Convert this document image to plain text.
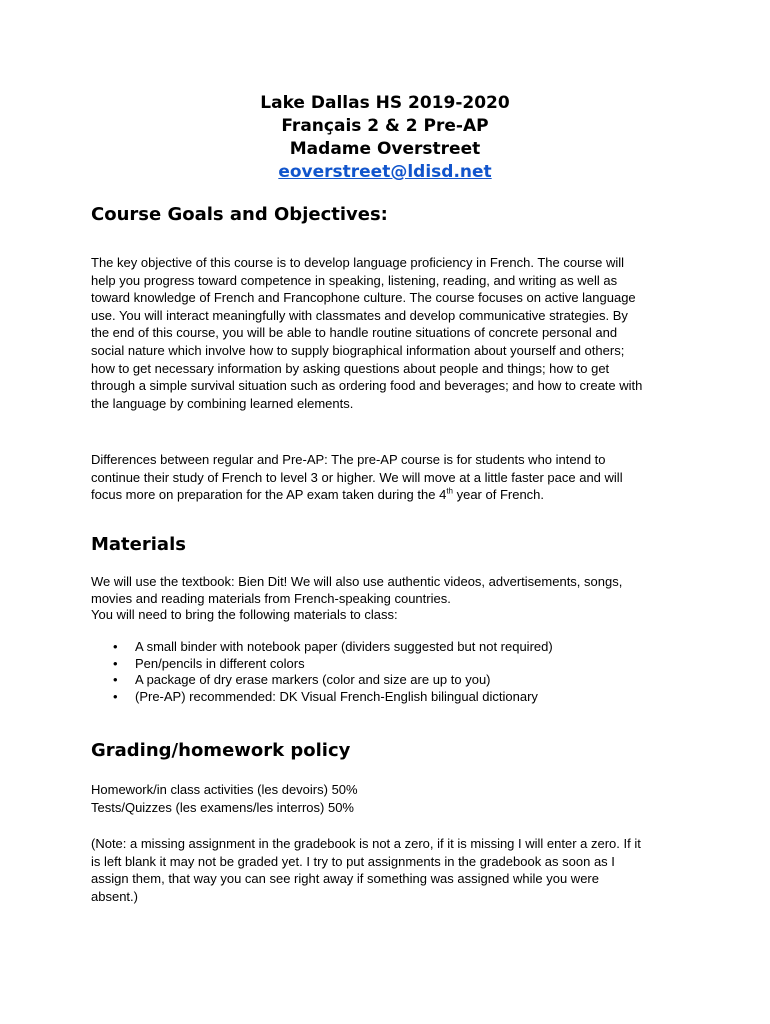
Lake Dallas HS 2019-2020
Français 2 & 2 Pre-AP
Madame Overstreet
eoverstreet@ldisd.net
Course Goals and Objectives:

The key objective of this course is to develop language proficiency in French. The course will
help you progress toward competence in speaking, listening, reading, and writing as well as
toward knowledge of French and Francophone culture. The course focuses on active language
use. You will interact meaningfully with classmates and develop communicative strategies. By
the end of this course, you will be able to handle routine situations of concrete personal and
social nature which involve how to supply biographical information about yourself and others;
how to get necessary information by asking questions about people and things; how to get
through a simple survival situation such as ordering food and beverages; and how to create with
the language by combining learned elements.

Differences between regular and Pre-AP: The pre-AP course is for students who intend to
continue their study of French to level 3 or higher. We will move at a little faster pace and will
focus more on preparation for the AP exam taken during the 4th year of French.

Materials

We will use the textbook: Bien Dit! We will also use authentic videos, advertisements, songs,
movies and reading materials from French-speaking countries.
You will need to bring the following materials to class:

• A small binder with notebook paper (dividers suggested but not required)
• Pen/pencils in different colors
• A package of dry erase markers (color and size are up to you)
• (Pre-AP) recommended: DK Visual French-English bilingual dictionary
Grading/homework policy

Homework/in class activities (les devoirs) 50%
Tests/Quizzes (les examens/les interros) 50%

(Note: a missing assignment in the gradebook is not a zero, if it is missing I will enter a zero. If it
is left blank it may not be graded yet. I try to put assignments in the gradebook as soon as I
assign them, that way you can see right away if something was assigned while you were
absent.)
